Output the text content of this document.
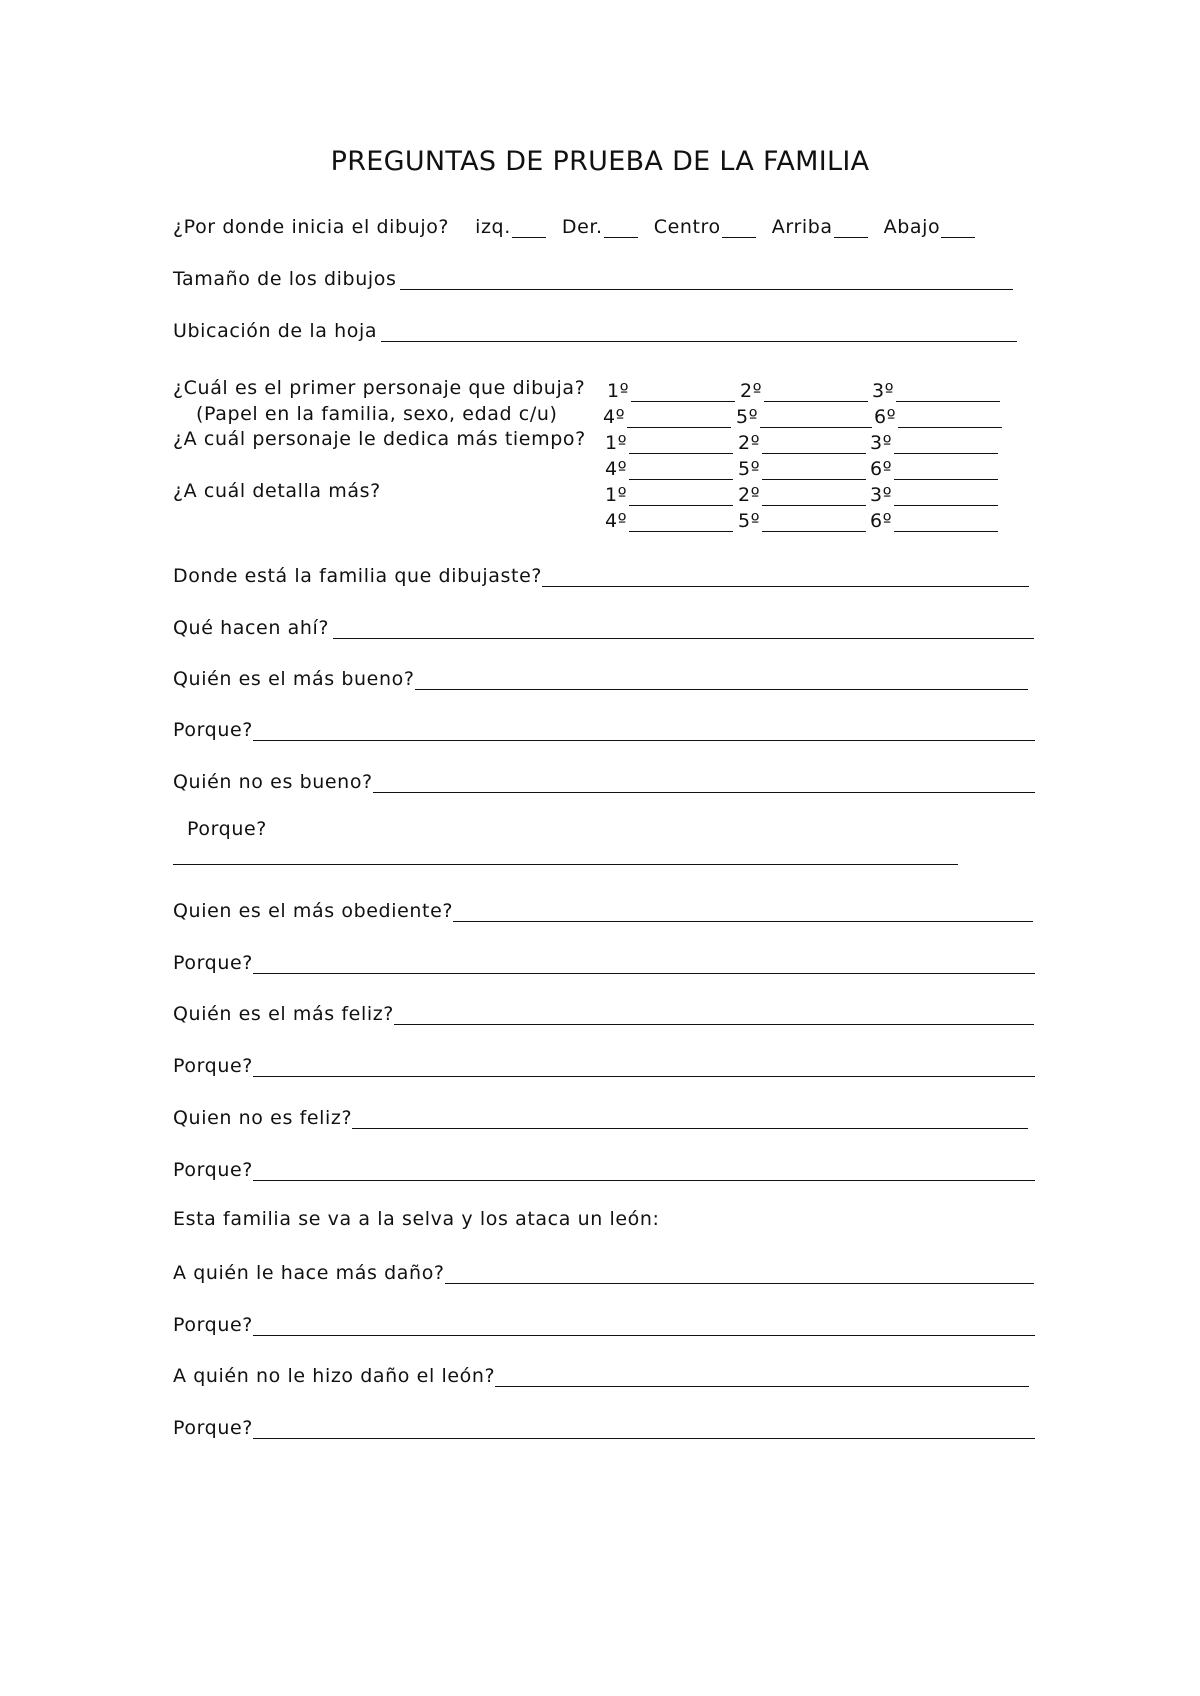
PREGUNTAS DE PRUEBA DE LA FAMILIA
¿Por donde inicia el dibujo? izq.	Der.	Centro	Arriba	Abajo
Tamaño de los dibujos
Ubicación de la hoja
¿Cuál es el primer personaje que dibuja?
(Papel en la familia, sexo, edad c/u)
¿A cuál personaje le dedica más tiempo?
¿A cuál detalla más?
1º	2º	3º
4º	5º	6º
1º	2º	3º
4º	5º	6º
1º	2º	3º
4º	5º	6º
Donde está la familia que dibujaste?
Qué hacen ahí?
Quién es el más bueno?
Porque?
Quién no es bueno?
Porque?
Quien es el más obediente?
Porque?
Quién es el más feliz?
Porque?
Quien no es feliz?
Porque?
Esta familia se va a la selva y los ataca un león:
A quién le hace más daño?
Porque?
A quién no le hizo daño el león?
Porque?
